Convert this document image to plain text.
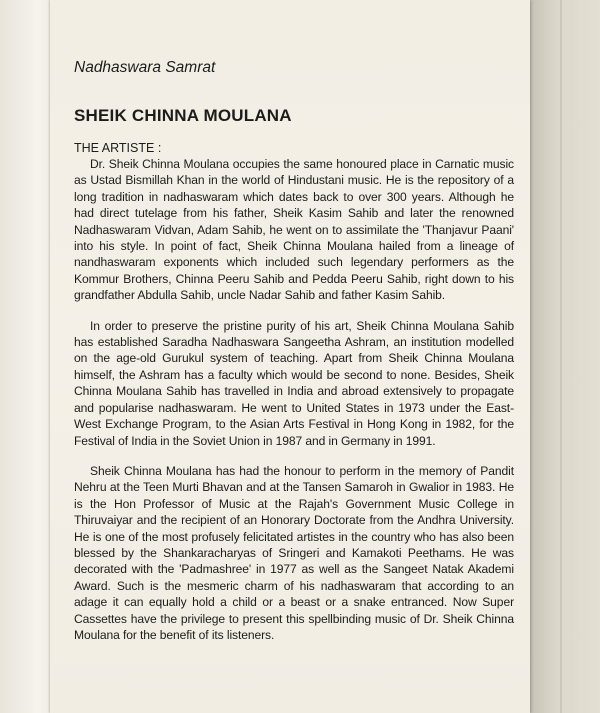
Nadhaswara Samrat

SHEIK CHINNA MOULANA

THE ARTISTE :

Dr. Sheik Chinna Moulana occupies the same honoured place in Carnatic music as Ustad Bismillah Khan in the world of Hindustani music. He is the repository of a long tradition in nadhaswaram which dates back to over 300 years. Although he had direct tutelage from his father, Sheik Kasim Sahib and later the renowned Nadhaswaram Vidvan, Adam Sahib, he went on to assimilate the 'Thanjavur Paani' into his style. In point of fact, Sheik Chinna Moulana hailed from a lineage of nandhaswaram exponents which included such legendary performers as the Kommur Brothers, Chinna Peeru Sahib and Pedda Peeru Sahib, right down to his grandfather Abdulla Sahib, uncle Nadar Sahib and father Kasim Sahib.

In order to preserve the pristine purity of his art, Sheik Chinna Moulana Sahib has established Saradha Nadhaswara Sangeetha Ashram, an institution modelled on the age-old Gurukul system of teaching. Apart from Sheik Chinna Moulana himself, the Ashram has a faculty which would be second to none. Besides, Sheik Chinna Moulana Sahib has travelled in India and abroad extensively to propagate and popularise nadhaswaram. He went to United States in 1973 under the East-West Exchange Program, to the Asian Arts Festival in Hong Kong in 1982, for the Festival of India in the Soviet Union in 1987 and in Germany in 1991.

Sheik Chinna Moulana has had the honour to perform in the memory of Pandit Nehru at the Teen Murti Bhavan and at the Tansen Samaroh in Gwalior in 1983. He is the Hon Professor of Music at the Rajah's Government Music College in Thiruvaiyar and the recipient of an Honorary Doctorate from the Andhra University. He is one of the most profusely felicitated artistes in the country who has also been blessed by the Shankaracharyas of Sringeri and Kamakoti Peethams. He was decorated with the 'Padmashree' in 1977 as well as the Sangeet Natak Akademi Award. Such is the mesmeric charm of his nadhaswaram that according to an adage it can equally hold a child or a beast or a snake entranced. Now Super Cassettes have the privilege to present this spellbinding music of Dr. Sheik Chinna Moulana for the benefit of its listeners.
